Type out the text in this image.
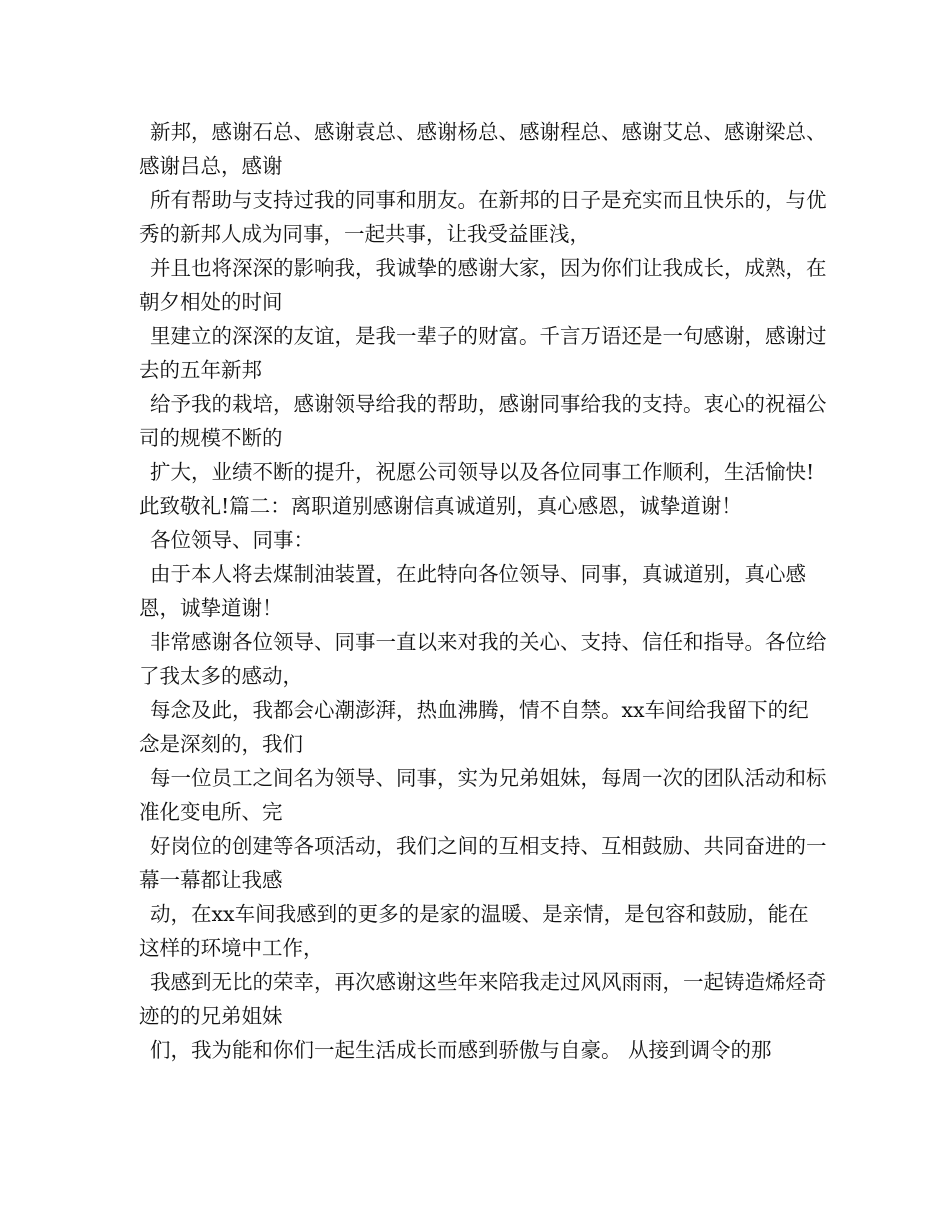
新邦，感谢石总、感谢袁总、感谢杨总、感谢程总、感谢艾总、感谢梁总、感谢吕总，感谢

所有帮助与支持过我的同事和朋友。在新邦的日子是充实而且快乐的，与优秀的新邦人成为同事，一起共事，让我受益匪浅，

并且也将深深的影响我，我诚挚的感谢大家，因为你们让我成长，成熟，在朝夕相处的时间

里建立的深深的友谊，是我一辈子的财富。千言万语还是一句感谢，感谢过去的五年新邦

给予我的栽培，感谢领导给我的帮助，感谢同事给我的支持。衷心的祝福公司的规模不断的

扩大，业绩不断的提升，祝愿公司领导以及各位同事工作顺利，生活愉快!此致敬礼!篇二：离职道别感谢信真诚道别，真心感恩，诚挚道谢！

各位领导、同事：

由于本人将去煤制油装置，在此特向各位领导、同事，真诚道别，真心感恩，诚挚道谢！

非常感谢各位领导、同事一直以来对我的关心、支持、信任和指导。各位给了我太多的感动，

每念及此，我都会心潮澎湃，热血沸腾，情不自禁。xx车间给我留下的纪念是深刻的，我们

每一位员工之间名为领导、同事，实为兄弟姐妹，每周一次的团队活动和标准化变电所、完

好岗位的创建等各项活动，我们之间的互相支持、互相鼓励、共同奋进的一幕一幕都让我感

动，在xx车间我感到的更多的是家的温暖、是亲情，是包容和鼓励，能在这样的环境中工作，

我感到无比的荣幸，再次感谢这些年来陪我走过风风雨雨，一起铸造烯烃奇迹的的兄弟姐妹

们，我为能和你们一起生活成长而感到骄傲与自豪。 从接到调令的那
